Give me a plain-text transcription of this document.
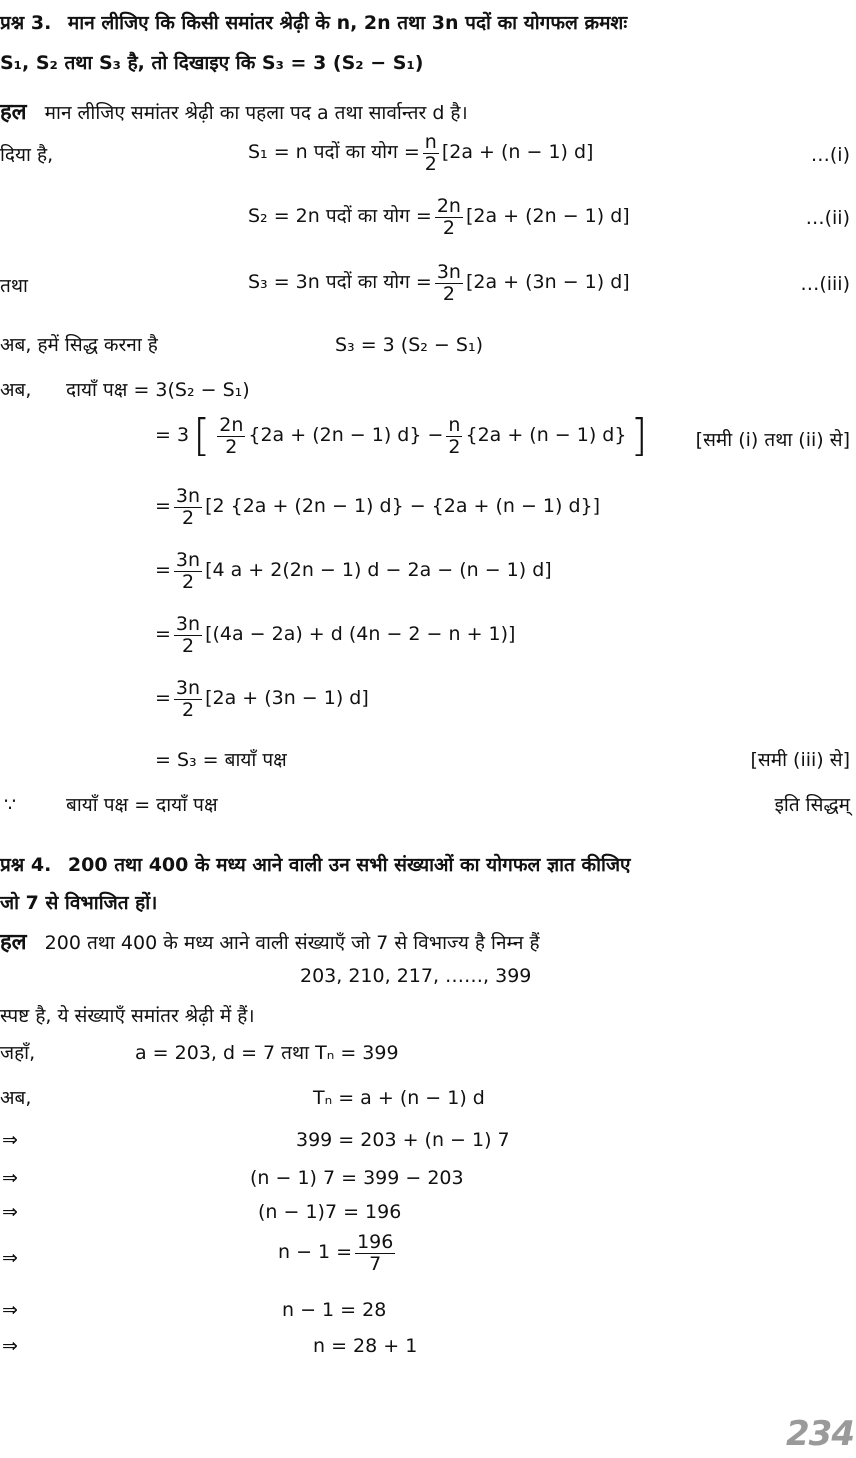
प्रश्न 3. मान लीजिए कि किसी समांतर श्रेढ़ी के n, 2n तथा 3n पदों का योगफल क्रमशः
S₁, S₂ तथा S₃ है, तो दिखाइए कि S₃ = 3 (S₂ − S₁)
हल मान लीजिए समांतर श्रेढ़ी का पहला पद a तथा सार्वान्तर d है।
दिया है,	S₁ = n पदों का योग = $\frac{n}{2} [2a + (n - 1)$ d]	…(i)
S₂ = 2n पदों का योग = $\frac{2n}{2} [2a + (2n - 1)$ d]	…(ii)
तथा	S₃ = 3n पदों का योग = $\frac{3n}{2} [2a + (3n - 1)$ d]	…(iii)
अब, हमें सिद्ध करना है	S₃ = 3 (S₂ − S₁)
अब, दायाँ पक्ष = 3(S₂ − S₁)
= 3 [ $\frac{2n}{2} \{2a + (2n - 1) d\} - \frac{n}{2} \{2a + (n - 1)$ d} ]	[समी (i) तथा (ii) से]
= $\frac{3n}{2} [2$ {2a + (2n − 1) d} − {2a + (n − 1) d}]
= $\frac{3n}{2} [4$ a + 2(2n − 1) d − 2a − (n − 1) d]
= $\frac{3n}{2} [(4a - 2a) + d$ (4n − 2 − n + 1)]
= $\frac{3n}{2} [2a + (3n - 1)$ d]
= S₃ = बायाँ पक्ष	[समी (iii) से]
∵	बायाँ पक्ष = दायाँ पक्ष	इति सिद्धम्
प्रश्न 4. 200 तथा 400 के मध्य आने वाली उन सभी संख्याओं का योगफल ज्ञात कीजिए
जो 7 से विभाजित हों।
हल 200 तथा 400 के मध्य आने वाली संख्याएँ जो 7 से विभाज्य है निम्न हैं
203, 210, 217, ……, 399
स्पष्ट है, ये संख्याएँ समांतर श्रेढ़ी में हैं।
जहाँ,	a = 203, d = 7 तथा Tₙ = 399
अब,	Tₙ = a + (n − 1) d
⇒	399 = 203 + (n − 1) 7
⇒	(n − 1) 7 = 399 − 203
⇒	(n − 1)7 = 196
⇒	$n - 1 = \frac{196}{7}$
⇒	n − 1 = 28
⇒	n = 28 + 1
234
